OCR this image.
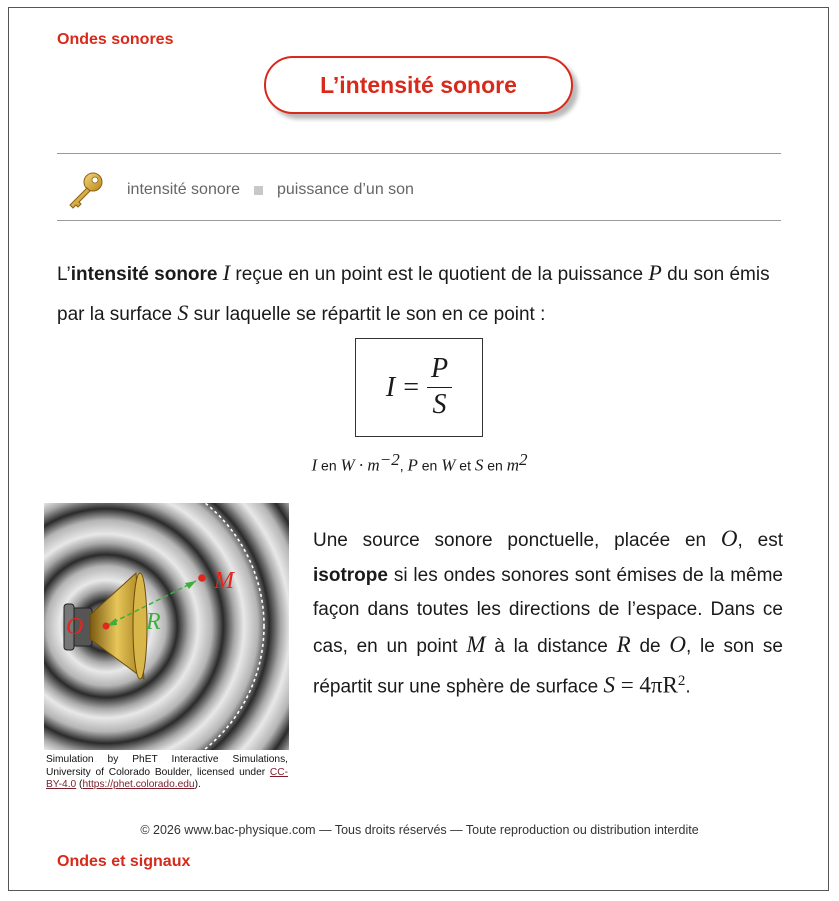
Ondes sonores
L’intensité sonore
intensité sonore puissance d’un son
L’intensité sonore I reçue en un point est le quotient de la puissance P du son émis par la surface S sur laquelle se répartit le son en ce point :
$I = \frac{P}{S}$
I en $W \cdot m^{-2}$, P en W et S en $m^2$
M
O	R
Simulation by PhET Interactive Simulations, University of Colorado Boulder, licensed under CC-BY-4.0 (https://phet.colorado.edu).
Une source sonore ponctuelle, placée en O, est isotrope si les ondes sonores sont émises de la même façon dans toutes les directions de l’espace. Dans ce cas, en un point M à la distance R de O, le son se répartit sur une sphère de surface $S = 4\pi R^2$.
© 2026 www.bac-physique.com — Tous droits réservés — Toute reproduction ou distribution interdite
Ondes et signaux
